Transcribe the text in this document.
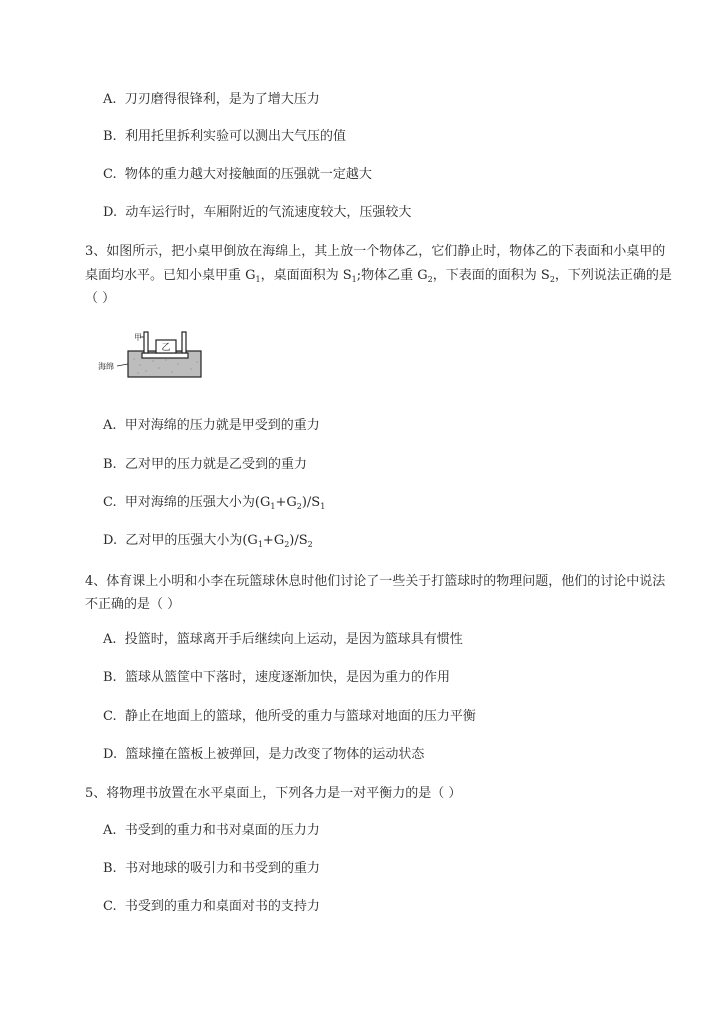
A. 刀刃磨得很锋利，是为了增大压力
B. 利用托里拆利实验可以测出大气压的值
C. 物体的重力越大对接触面的压强就一定越大
D. 动车运行时，车厢附近的气流速度较大，压强较大
3、如图所示，把小桌甲倒放在海绵上，其上放一个物体乙，它们静止时，物体乙的下表面和小桌甲的
桌面均水平。已知小桌甲重 $G_1$，桌面面积为 $S_1$;物体乙重 $G_2$，下表面的面积为 $S_2$，下列说法正确的是
（ ）
乙
甲
海绵
A. 甲对海绵的压力就是甲受到的重力
B. 乙对甲的压力就是乙受到的重力
C. 甲对海绵的压强大小为$(G_1+G_2)/S_1$
D. 乙对甲的压强大小为$(G_1+G_2)/S_2$
4、体育课上小明和小李在玩篮球休息时他们讨论了一些关于打篮球时的物理问题，他们的讨论中说法
不正确的是（ ）
A. 投篮时，篮球离开手后继续向上运动，是因为篮球具有惯性
B. 篮球从篮筐中下落时，速度逐渐加快，是因为重力的作用
C. 静止在地面上的篮球，他所受的重力与篮球对地面的压力平衡
D. 篮球撞在篮板上被弹回，是力改变了物体的运动状态
5、将物理书放置在水平桌面上，下列各力是一对平衡力的是（ ）
A. 书受到的重力和书对桌面的压力力
B. 书对地球的吸引力和书受到的重力
C. 书受到的重力和桌面对书的支持力
